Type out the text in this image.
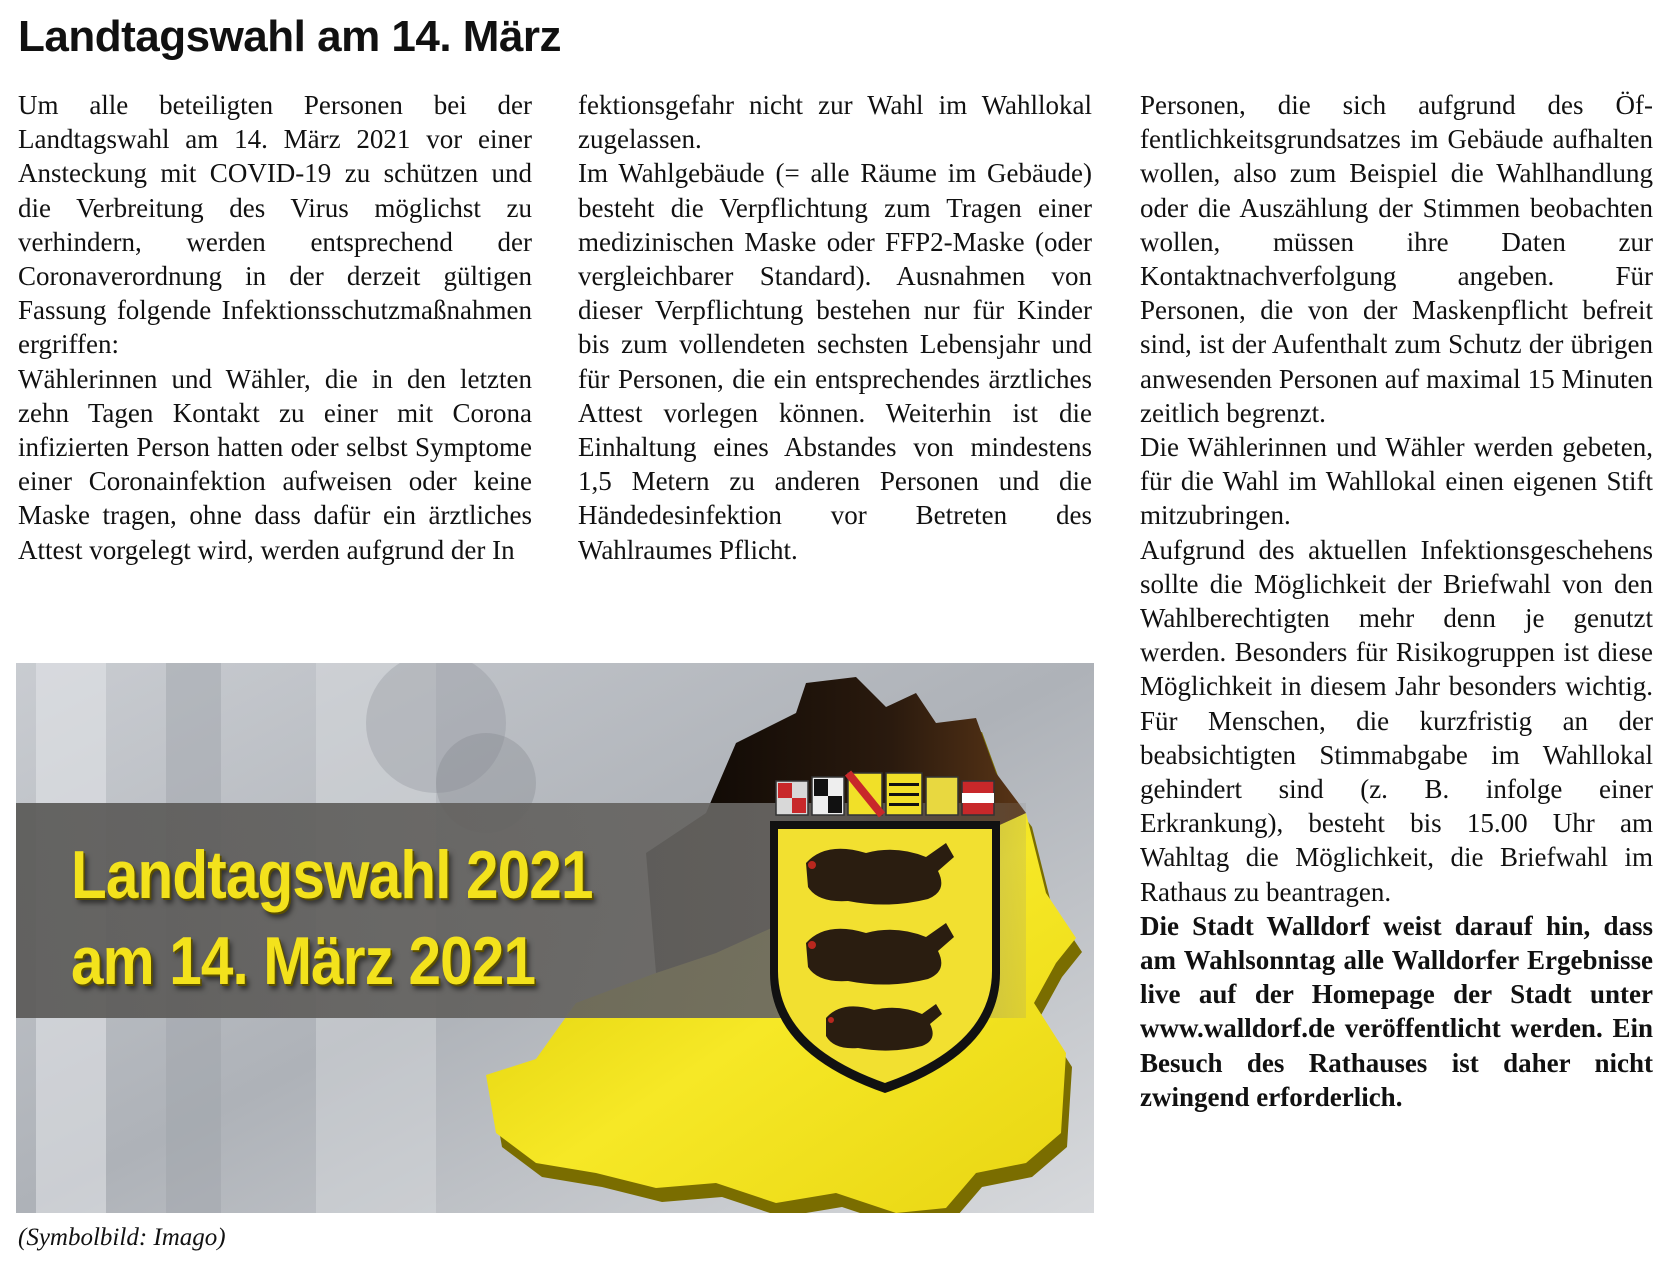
Landtagswahl am 14. März

Um alle beteiligten Personen bei der Landtagswahl am 14. März 2021 vor einer Ansteckung mit COVID-19 zu schützen und die Verbreitung des Virus möglichst zu verhindern, werden entsprechend der Coronaverordnung in der derzeit gültigen Fassung folgende Infektionsschutzmaßnahmen ergriffen:

Wählerinnen und Wähler, die in den letzten zehn Tagen Kontakt zu einer mit Corona infizierten Person hatten oder selbst Symptome einer Coronainfektion aufweisen oder keine Maske tragen, ohne dass dafür ein ärztliches Attest vorgelegt wird, werden aufgrund der In

fektionsgefahr nicht zur Wahl im Wahllokal zugelassen.

Im Wahlgebäude (= alle Räume im Gebäude) besteht die Verpflichtung zum Tragen einer medizinischen Maske oder FFP2-Maske (oder vergleichbarer Standard). Ausnahmen von dieser Verpflichtung bestehen nur für Kinder bis zum vollendeten sechsten Lebensjahr und für Personen, die ein entsprechendes ärztliches Attest vorlegen können. Weiterhin ist die Einhaltung eines Abstandes von mindestens 1,5 Metern zu anderen Personen und die Händedesinfektion vor Betreten des Wahlraumes Pflicht.

Personen, die sich aufgrund des Öffentlichkeitsgrundsatzes im Gebäude aufhalten wollen, also zum Beispiel die Wahlhandlung oder die Auszählung der Stimmen beobachten wollen, müssen ihre Daten zur Kontaktnachverfolgung angeben. Für Personen, die von der Maskenpflicht befreit sind, ist der Aufenthalt zum Schutz der übrigen anwesenden Personen auf maximal 15 Minuten zeitlich begrenzt.

Die Wählerinnen und Wähler werden gebeten, für die Wahl im Wahllokal einen eigenen Stift mitzubringen.

Aufgrund des aktuellen Infektionsgeschehens sollte die Möglichkeit der Briefwahl von den Wahlberechtigten mehr denn je genutzt werden. Besonders für Risikogruppen ist diese Möglichkeit in diesem Jahr besonders wichtig. Für Menschen, die kurzfristig an der beabsichtigten Stimmabgabe im Wahllokal gehindert sind (z. B. infolge einer Erkrankung), besteht bis 15.00 Uhr am Wahltag die Möglichkeit, die Briefwahl im Rathaus zu beantragen.

Die Stadt Walldorf weist darauf hin, dass am Wahlsonntag alle Walldorfer Ergebnisse live auf der Homepage der Stadt unter www.walldorf.de veröffentlicht werden. Ein Besuch des Rathauses ist daher nicht zwingend erforderlich.

Landtagswahl 2021
am 14. März 2021

(Symbolbild: Imago)
